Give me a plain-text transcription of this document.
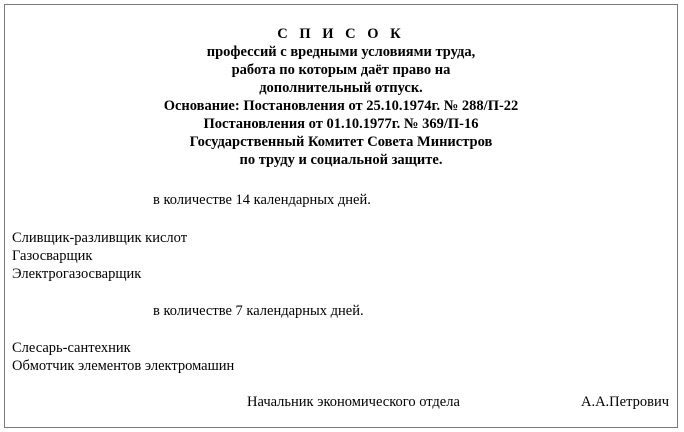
С П И С О К
профессий с вредными условиями труда,
работа по которым даёт право на
дополнительный отпуск.
Основание: Постановления от 25.10.1974г. № 288/П-22
Постановления от 01.10.1977г. № 369/П-16
Государственный Комитет Совета Министров
по труду и социальной защите.
в количестве 14 календарных дней.
Сливщик-разливщик кислот
Газосварщик
Электрогазосварщик
в количестве 7 календарных дней.
Слесарь-сантехник
Обмотчик элементов электромашин
Начальник экономического отдела	А.А.Петрович
